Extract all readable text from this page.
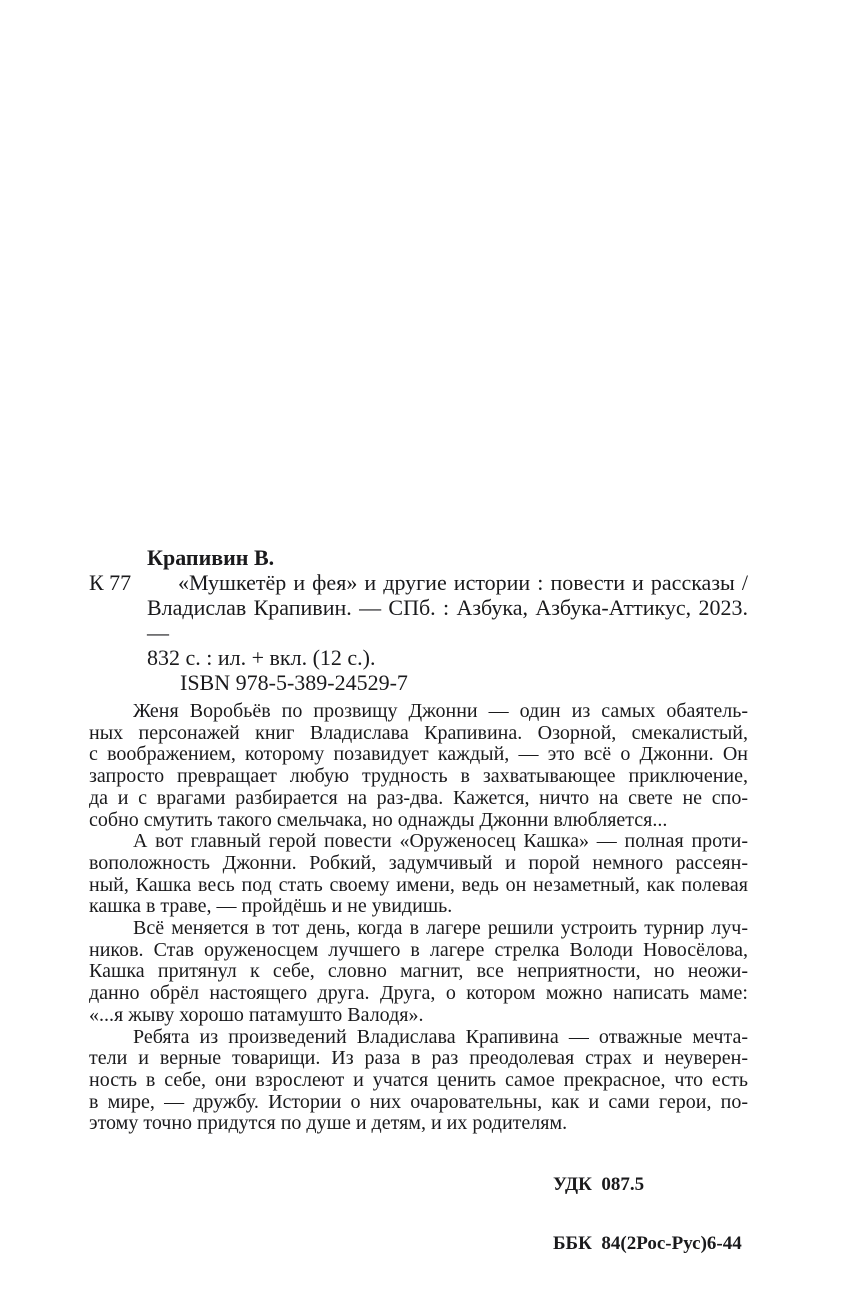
Крапивин В.
К 77	«Мушкетёр и фея» и другие истории : повести и рассказы /
Владислав Крапивин. — СПб. : Азбука, Азбука-Аттикус, 2023. —
832 с. : ил. + вкл. (12 с.).
ISBN 978-5-389-24529-7
Женя Воробьёв по прозвищу Джонни — один из самых обаятель-
ных персонажей книг Владислава Крапивина. Озорной, смекалистый,
с воображением, которому позавидует каждый, — это всё о Джонни. Он
запросто превращает любую трудность в захватывающее приключение,
да и с врагами разбирается на раз-два. Кажется, ничто на свете не спо-
собно смутить такого смельчака, но однажды Джонни влюбляется...
А вот главный герой повести «Оруженосец Кашка» — полная проти-
воположность Джонни. Робкий, задумчивый и порой немного рассеян-
ный, Кашка весь под стать своему имени, ведь он незаметный, как полевая
кашка в траве, — пройдёшь и не увидишь.
Всё меняется в тот день, когда в лагере решили устроить турнир луч-
ников. Став оруженосцем лучшего в лагере стрелка Володи Новосёлова,
Кашка притянул к себе, словно магнит, все неприятности, но неожи-
данно обрёл настоящего друга. Друга, о котором можно написать маме:
«...я жыву хорошо патамушто Валодя».
Ребята из произведений Владислава Крапивина — отважные мечта-
тели и верные товарищи. Из раза в раз преодолевая страх и неуверен-
ность в себе, они взрослеют и учатся ценить самое прекрасное, что есть
в мире, — дружбу. Истории о них очаровательны, как и сами герои, по-
этому точно придутся по душе и детям, и их родителям.

УДК  087.5

ББК  84(2Рос-Рус)6-44
